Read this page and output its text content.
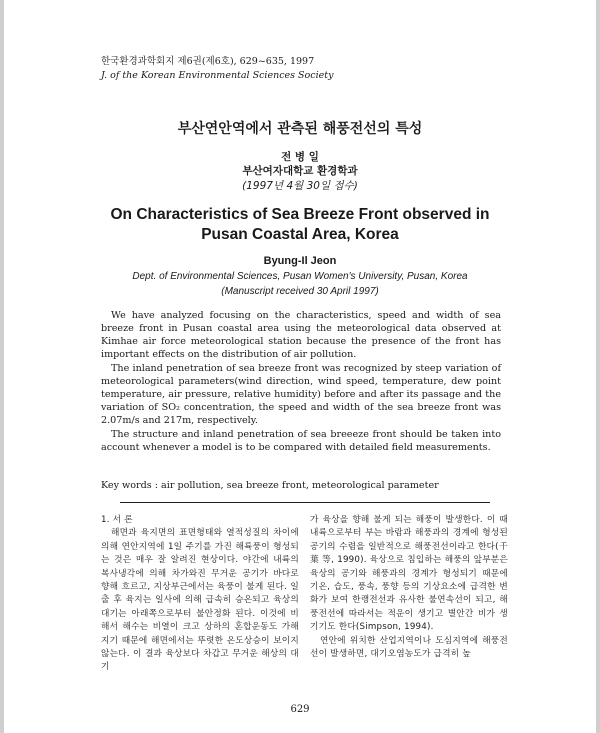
한국환경과학회지 제6권(제6호), 629~635, 1997
J. of the Korean Environmental Sciences Society
부산연안역에서 관측된 해풍전선의 특성
전 병 일
부산여자대학교 환경학과
(1997년 4월 30일 접수)
On Characteristics of Sea Breeze Front observed in
Pusan Coastal Area, Korea
Byung-Il Jeon
Dept. of Environmental Sciences, Pusan Women's University, Pusan, Korea
(Manuscript received 30 April 1997)

We have analyzed focusing on the characteristics, speed and width of sea breeze front in Pusan coastal area using the meteorological data observed at Kimhae air force meteorological station because the presence of the front has important effects on the distribution of air pollution.

The inland penetration of sea breeze front was recognized by steep variation of meteorological parameters(wind direction, wind speed, temperature, dew point temperature, air pressure, relative humidity) before and after its passage and the variation of SO₂ concentration, the speed and width of the sea breeze front was 2.07m/s and 217m, respectively.

The structure and inland penetration of sea breeeze front should be taken into account whenever a model is to be compared with detailed field measurements.

Key words : air pollution, sea breeze front, meteorological parameter

1. 서 론

해면과 육지면의 표면형태와 열적성질의 차이에 의해 연안지역에 1일 주기를 가진 해륙풍이 형성되는 것은 매우 잘 알려진 현상이다. 야간에 내륙의 복사냉각에 의해 차가와진 무거운 공기가 바다로 향해 흐르고, 지상부근에서는 육풍이 불게 된다. 일출 후 육지는 일사에 의해 급속히 승온되고 육상의 대기는 아래쪽으로부터 불안정화 된다. 이것에 비해서 해수는 비열이 크고 상하의 혼합운동도 가해지기 때문에 해면에서는 뚜렷한 온도상승이 보이지 않는다. 이 결과 육상보다 차갑고 무거운 해상의 대기

가 육상을 향해 불게 되는 해풍이 발생한다. 이 때 내륙으로부터 부는 바람과 해풍과의 경계에 형성된 공기의 수렴을 일반적으로 해풍전선이라고 한다(千葉 等, 1990). 육상으로 침입하는 해풍의 앞부분은 육상의 공기와 해풍과의 경계가 형성되기 때문에 기온, 습도, 풍속, 풍향 등의 기상요소에 급격한 변화가 보여 한랭전선과 유사한 불연속선이 되고, 해풍전선에 따라서는 적운이 생기고 별안간 비가 생기기도 한다(Simpson, 1994).

연안에 위치한 산업지역이나 도심지역에 해풍전선이 발생하면, 대기오염농도가 급격히 높

629
